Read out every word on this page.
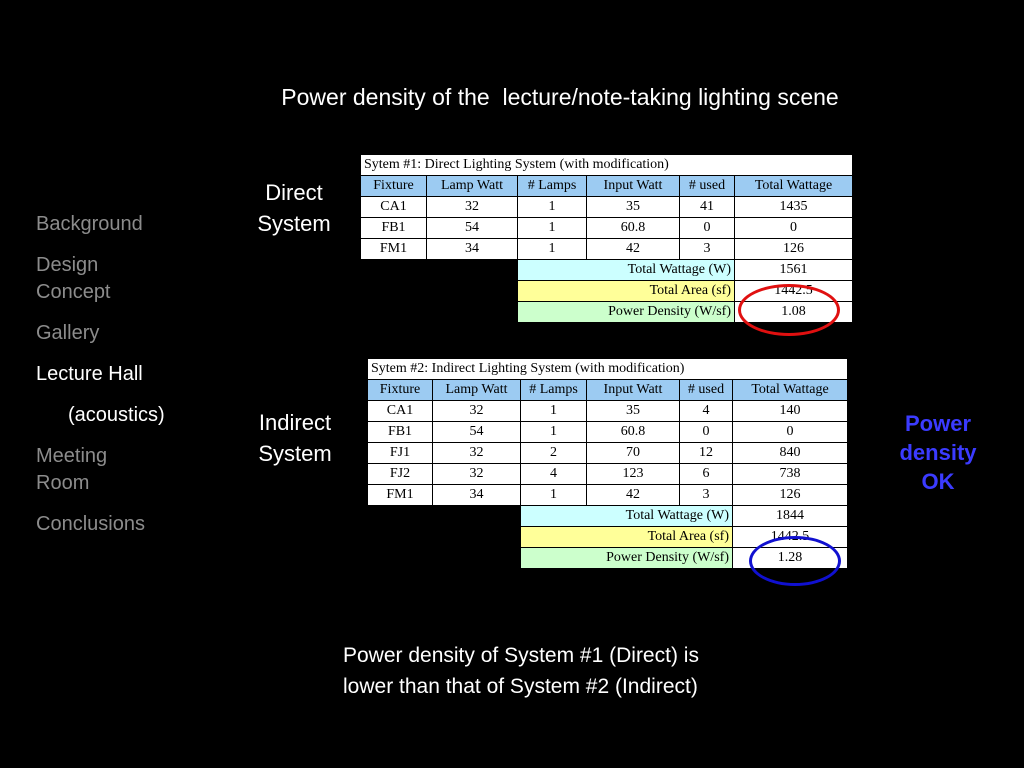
Power density of the  lecture/note-taking lighting scene
Background
Design
Concept
Gallery
Lecture Hall
(acoustics)
Meeting
Room
Conclusions
Direct
System
Sytem #1: Direct Lighting System (with modification)					
Fixture	Lamp Watt	# Lamps	Input Watt	# used	Total Wattage
CA1	32	1	35	41	1435
FB1	54	1	60.8	0	0
FM1	34	1	42	3	126
		Total Wattage (W)			1561
		Total Area (sf)			1442.5
		Power Density (W/sf)			1.08
Indirect
System
Sytem #2: Indirect Lighting System (with modification)					
Fixture	Lamp Watt	# Lamps	Input Watt	# used	Total Wattage
CA1	32	1	35	4	140
FB1	54	1	60.8	0	0
FJ1	32	2	70	12	840
FJ2	32	4	123	6	738
FM1	34	1	42	3	126
		Total Wattage (W)			1844
		Total Area (sf)			1442.5
		Power Density (W/sf)			1.28
Power
density
OK
Power density of System #1 (Direct) is
lower than that of System #2 (Indirect)
